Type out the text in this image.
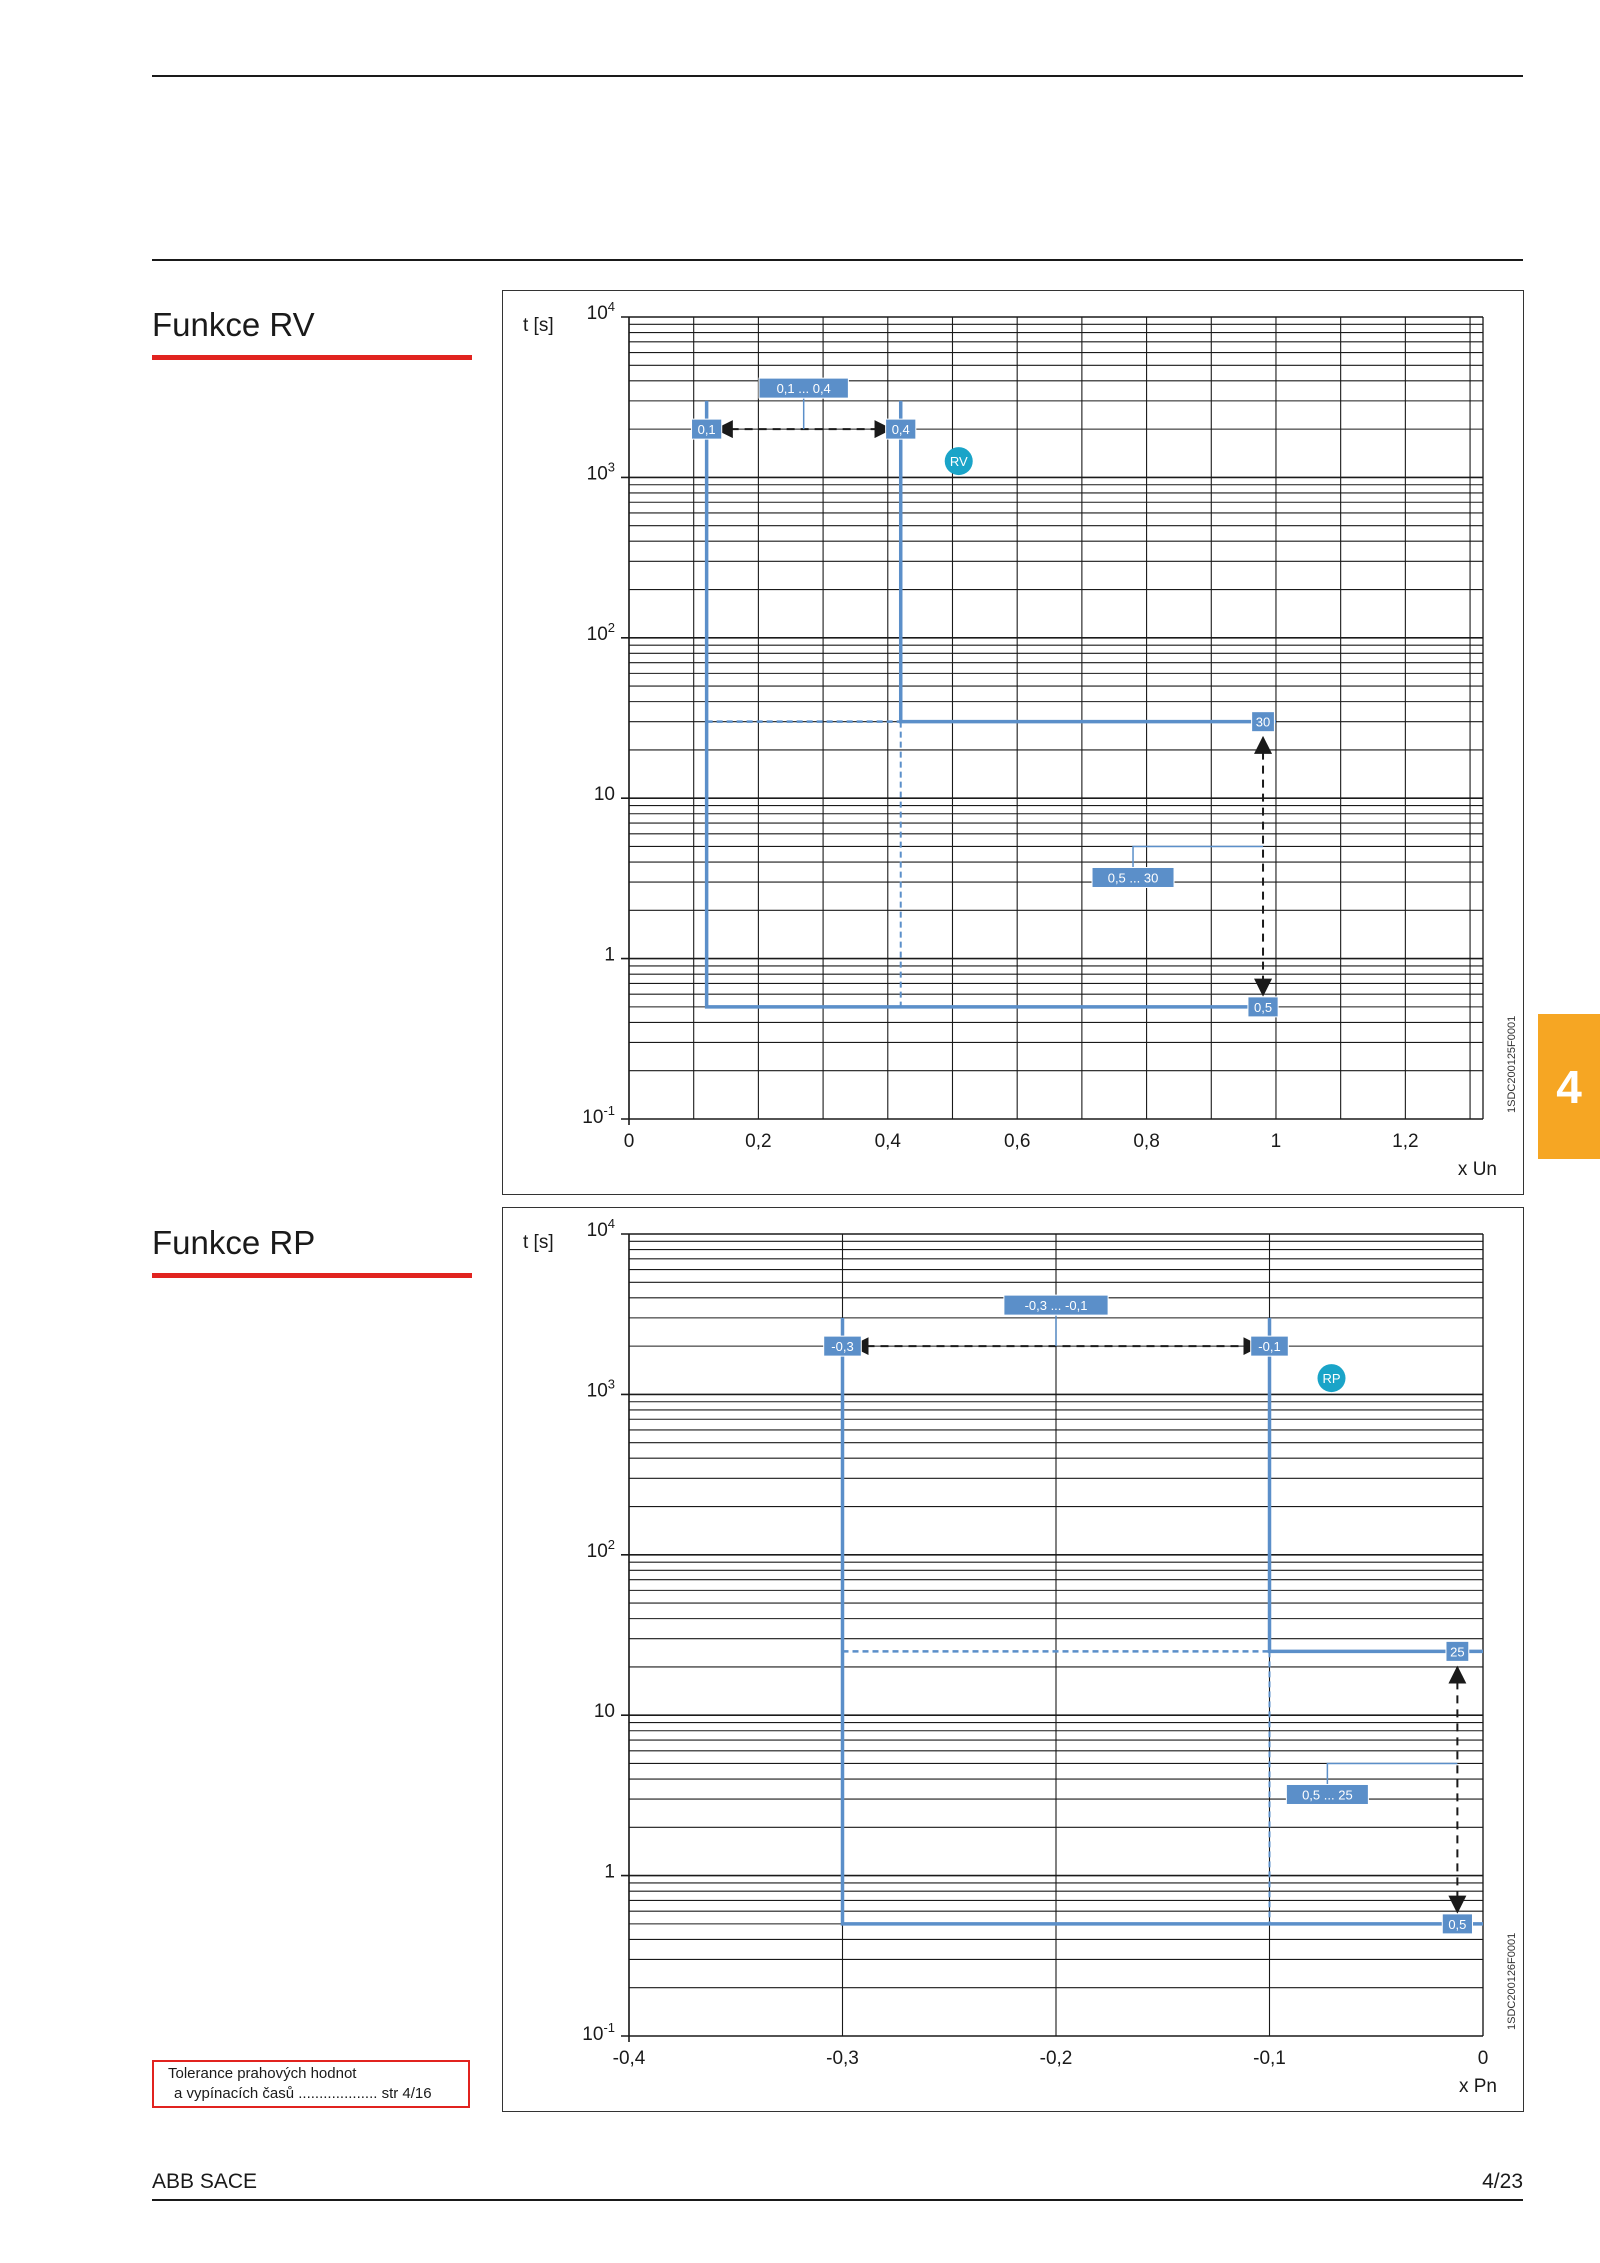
Funkce RV
Funkce RP
t [s]
$10^4$
$10^3$
$10^2$
10
1
$10^{-1}$
0	0,2	0,4	0,6	0,8	1	1,2
x Un
1SDC200125F0001
0,1	0,4
0,1 ... 0,4
RV
30
0,5
0,5 ... 30
t [s]
$10^4$
$10^3$
$10^2$
10
1
$10^{-1}$
-0,4	-0,3	-0,2	-0,1	0
x Pn
1SDC200126F0001
-0,3	-0,1
-0,3 ... -0,1
RP
25
0,5
0,5 ... 25
4
Tolerance prahových hodnot
a vypínacích časů ................... str 4/16
ABB SACE	4/23
